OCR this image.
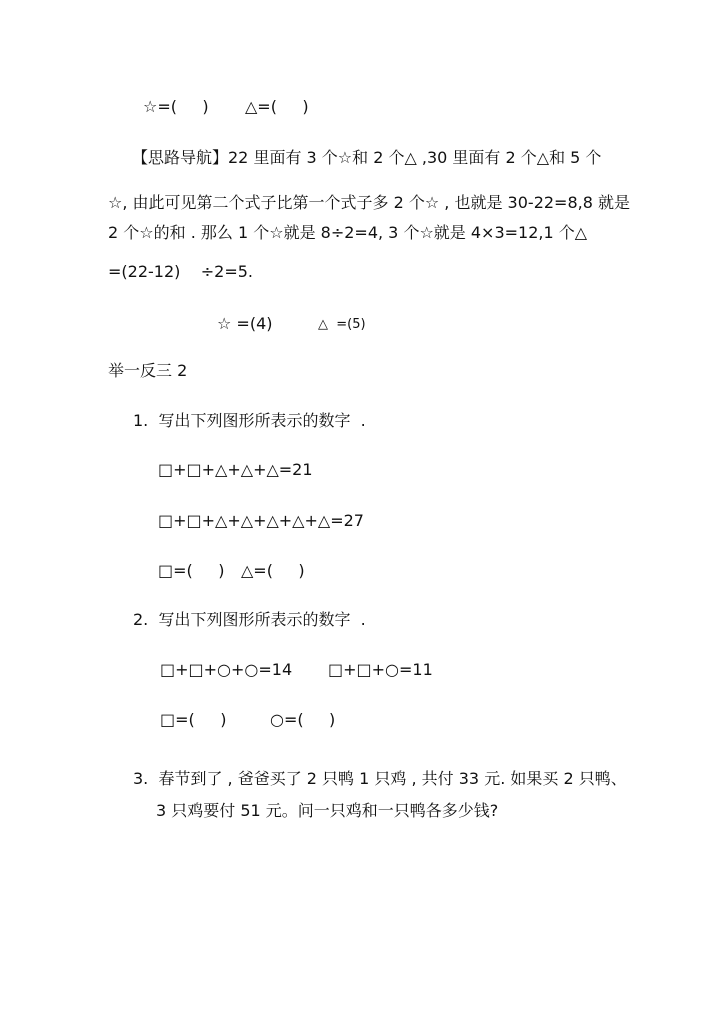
☆=(     ) △=(     )
【思路导航】22 里面有 3 个☆和 2 个△ ,30 里面有 2 个△和 5 个
☆, 由此可见第二个式子比第一个式子多 2 个☆ , 也就是 30-22=8,8 就是
2 个☆的和 . 那么 1 个☆就是 8÷2=4, 3 个☆就是 4×3=12,1 个△
=(22-12)    ÷2=5.
☆ =(4)	△  =(5)
举一反三 2
1.  写出下列图形所表示的数字  .
□+□+△+△+△=21
□+□+△+△+△+△+△=27
□=(     ) △=(     )
2.  写出下列图形所表示的数字  .
□+□+○+○=14 □+□+○=11
□=(     )	○=(     )
3.  春节到了 , 爸爸买了 2 只鸭 1 只鸡 , 共付 33 元. 如果买 2 只鸭、
3 只鸡要付 51 元。问一只鸡和一只鸭各多少钱?
